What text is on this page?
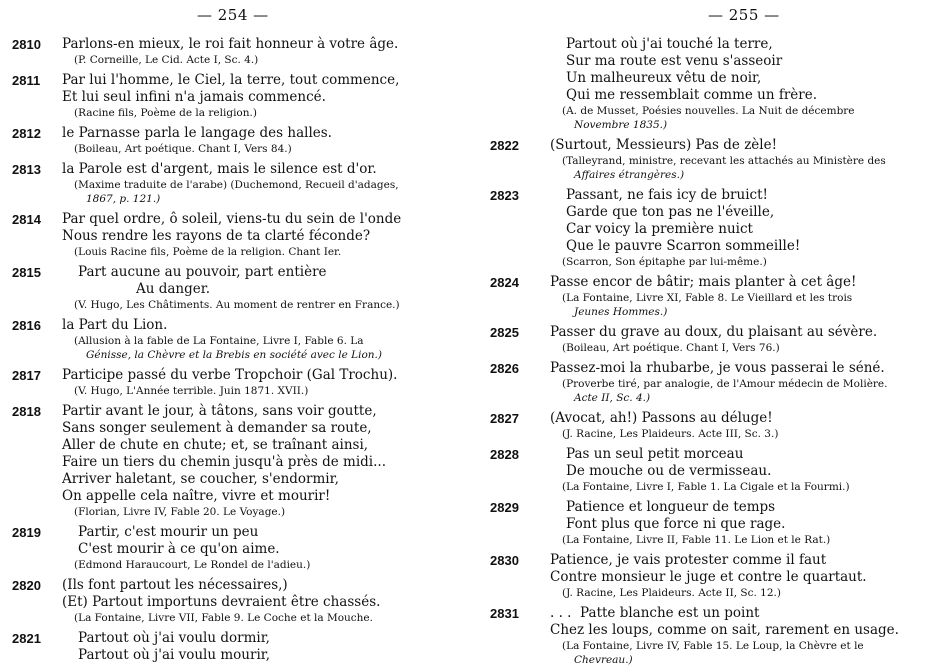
— 254 —	— 255 —
2810	Parlons-en mieux, le roi fait honneur à votre âge.
(P. Corneille, Le Cid. Acte I, Sc. 4.)
2811	Par lui l'homme, le Ciel, la terre, tout commence,
Et lui seul infini n'a jamais commencé.
(Racine fils, Poème de la religion.)
2812	le Parnasse parla le langage des halles.
(Boileau, Art poétique. Chant I, Vers 84.)
2813	la Parole est d'argent, mais le silence est d'or.
(Maxime traduite de l'arabe) (Duchemond, Recueil d'adages,
1867, p. 121.)
2814	Par quel ordre, ô soleil, viens-tu du sein de l'onde
Nous rendre les rayons de ta clarté féconde?
(Louis Racine fils, Poème de la religion. Chant Ier.
2815	Part aucune au pouvoir, part entière
Au danger.
(V. Hugo, Les Châtiments. Au moment de rentrer en France.)
2816	la Part du Lion.
(Allusion à la fable de La Fontaine, Livre I, Fable 6. La
Génisse, la Chèvre et la Brebis en société avec le Lion.)
2817	Participe passé du verbe Tropchoir (Gal Trochu).
(V. Hugo, L'Année terrible. Juin 1871. XVII.)
2818	Partir avant le jour, à tâtons, sans voir goutte,
Sans songer seulement à demander sa route,
Aller de chute en chute; et, se traînant ainsi,
Faire un tiers du chemin jusqu'à près de midi...
Arriver haletant, se coucher, s'endormir,
On appelle cela naître, vivre et mourir!
(Florian, Livre IV, Fable 20. Le Voyage.)
2819	Partir, c'est mourir un peu
C'est mourir à ce qu'on aime.
(Edmond Haraucourt, Le Rondel de l'adieu.)
2820	(Ils font partout les nécessaires,)
(Et) Partout importuns devraient être chassés.
(La Fontaine, Livre VII, Fable 9. Le Coche et la Mouche.
2821	Partout où j'ai voulu dormir,
Partout où j'ai voulu mourir,
Partout où j'ai touché la terre,
Sur ma route est venu s'asseoir
Un malheureux vêtu de noir,
Qui me ressemblait comme un frère.
(A. de Musset, Poésies nouvelles. La Nuit de décembre
Novembre 1835.)
2822	(Surtout, Messieurs) Pas de zèle!
(Talleyrand, ministre, recevant les attachés au Ministère des
Affaires étrangères.)
2823	Passant, ne fais icy de bruict!
Garde que ton pas ne l'éveille,
Car voicy la première nuict
Que le pauvre Scarron sommeille!
(Scarron, Son épitaphe par lui-même.)
2824	Passe encor de bâtir; mais planter à cet âge!
(La Fontaine, Livre XI, Fable 8. Le Vieillard et les trois
Jeunes Hommes.)
2825	Passer du grave au doux, du plaisant au sévère.
(Boileau, Art poétique. Chant I, Vers 76.)
2826	Passez-moi la rhubarbe, je vous passerai le séné.
(Proverbe tiré, par analogie, de l'Amour médecin de Molière.
Acte II, Sc. 4.)
2827	(Avocat, ah!) Passons au déluge!
(J. Racine, Les Plaideurs. Acte III, Sc. 3.)
2828	Pas un seul petit morceau
De mouche ou de vermisseau.
(La Fontaine, Livre I, Fable 1. La Cigale et la Fourmi.)
2829	Patience et longueur de temps
Font plus que force ni que rage.
(La Fontaine, Livre II, Fable 11. Le Lion et le Rat.)
2830	Patience, je vais protester comme il faut
Contre monsieur le juge et contre le quartaut.
(J. Racine, Les Plaideurs. Acte II, Sc. 12.)
2831	. . .  Patte blanche est un point
Chez les loups, comme on sait, rarement en usage.
(La Fontaine, Livre IV, Fable 15. Le Loup, la Chèvre et le
Chevreau.)
